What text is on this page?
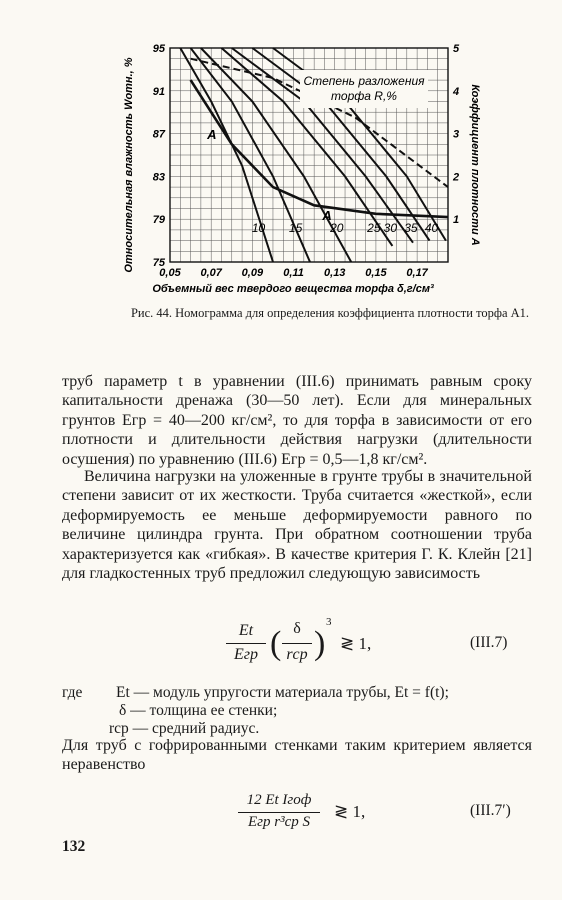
A
A
10 15 20 25 30 35 40
0,05 0,07 0,09 0,11 0,13 0,15 0,17
95
91
87
83
79
75
5
4
3
2
1
Степень разложения
торфа R,%
Относительная влажность Wотн., %	Коэффициент плотности A
Объемный вес твердого вещества торфа δ,г/см³
Рис. 44. Номограмма для определения коэффициента плотности торфа A1.
труб параметр t в уравнении (III.6) принимать равным сроку капитальности дренажа (30—50 лет). Если для минеральных грунтов Eгр = 40—200 кг/см², то для торфа в зависимости от его плотности и длительности действия нагрузки (длительности осушения) по уравнению (III.6) Eгр = 0,5—1,8 кг/см².
Величина нагрузки на уложенные в грунте трубы в значительной степени зависит от их жесткости. Труба считается «жесткой», если деформируемость ее меньше деформируемости равного по величине цилиндра грунта. При обратном соотношении труба характеризуется как «гибкая». В качестве критерия Г. К. Клейн [21] для гладкостенных труб предложил следующую зависимость
Et
Eгр ( δ
rср )
3
≷ 1,	(III.7)
где Et — модуль упругости материала трубы, Et = f(t);
δ — толщина ее стенки;
rср — средний радиус.
Для труб с гофрированными стенками таким критерием является неравенство
12 Et Iгоф
Eгр r³ср S
≷ 1,	(III.7′)
132
